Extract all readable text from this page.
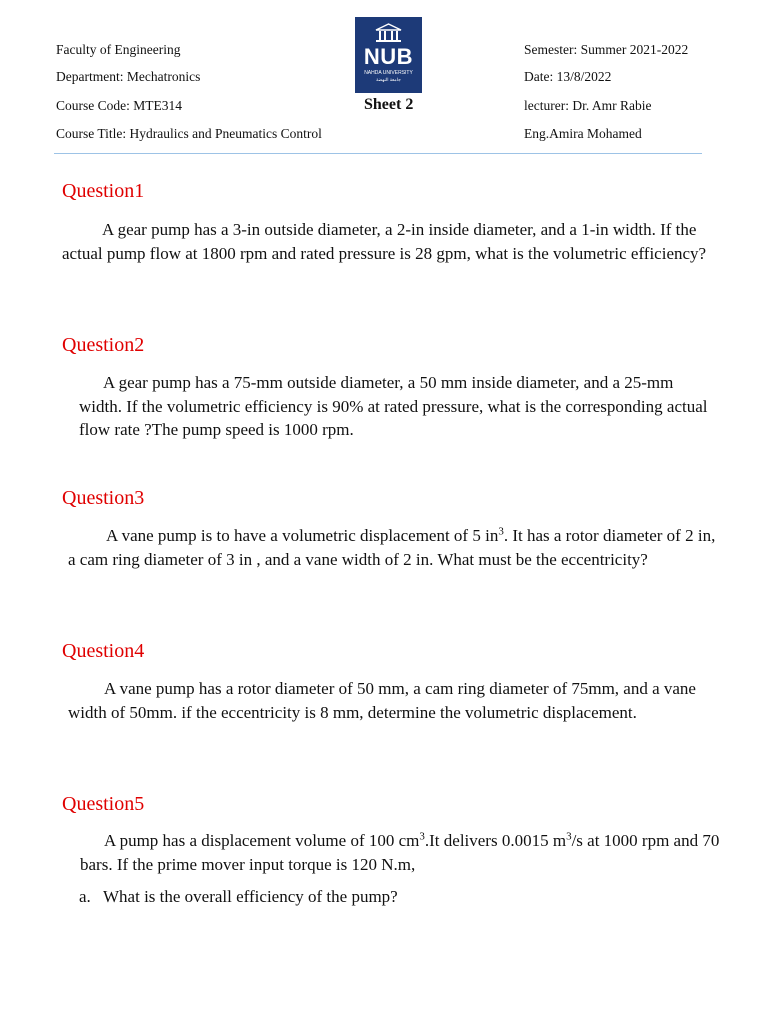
Faculty of Engineering
Department: Mechatronics
Course Code: MTE314
Course Title: Hydraulics and Pneumatics Control
Semester: Summer 2021-2022
Date: 13/8/2022
lecturer: Dr. Amr Rabie
Eng.Amira Mohamed
NUB
NAHDA UNIVERSITY
جامعة النهضة
Sheet 2
Question1
A gear pump has a 3-in outside diameter, a 2-in inside diameter, and a 1-in width. If the actual pump flow at 1800 rpm and rated pressure is 28 gpm, what is the volumetric efficiency?
Question2
A gear pump has a 75-mm outside diameter, a 50 mm inside diameter, and a 25-mm width. If the volumetric efficiency is 90% at rated pressure, what is the corresponding actual flow rate ?The pump speed is 1000 rpm.
Question3
A vane pump is to have a volumetric displacement of 5 $in^3$. It has a rotor diameter of 2 in, a cam ring diameter of 3 in , and a vane width of 2 in. What must be the eccentricity?
Question4
A vane pump has a rotor diameter of 50 mm, a cam ring diameter of 75mm, and a vane width of 50mm. if the eccentricity is 8 mm, determine the volumetric displacement.
Question5
A pump has a displacement volume of 100 $cm^3.It$ delivers 0.0015 $m^3/s$ at 1000 rpm and 70 bars. If the prime mover input torque is 120 N.m,
a. What is the overall efficiency of the pump?
